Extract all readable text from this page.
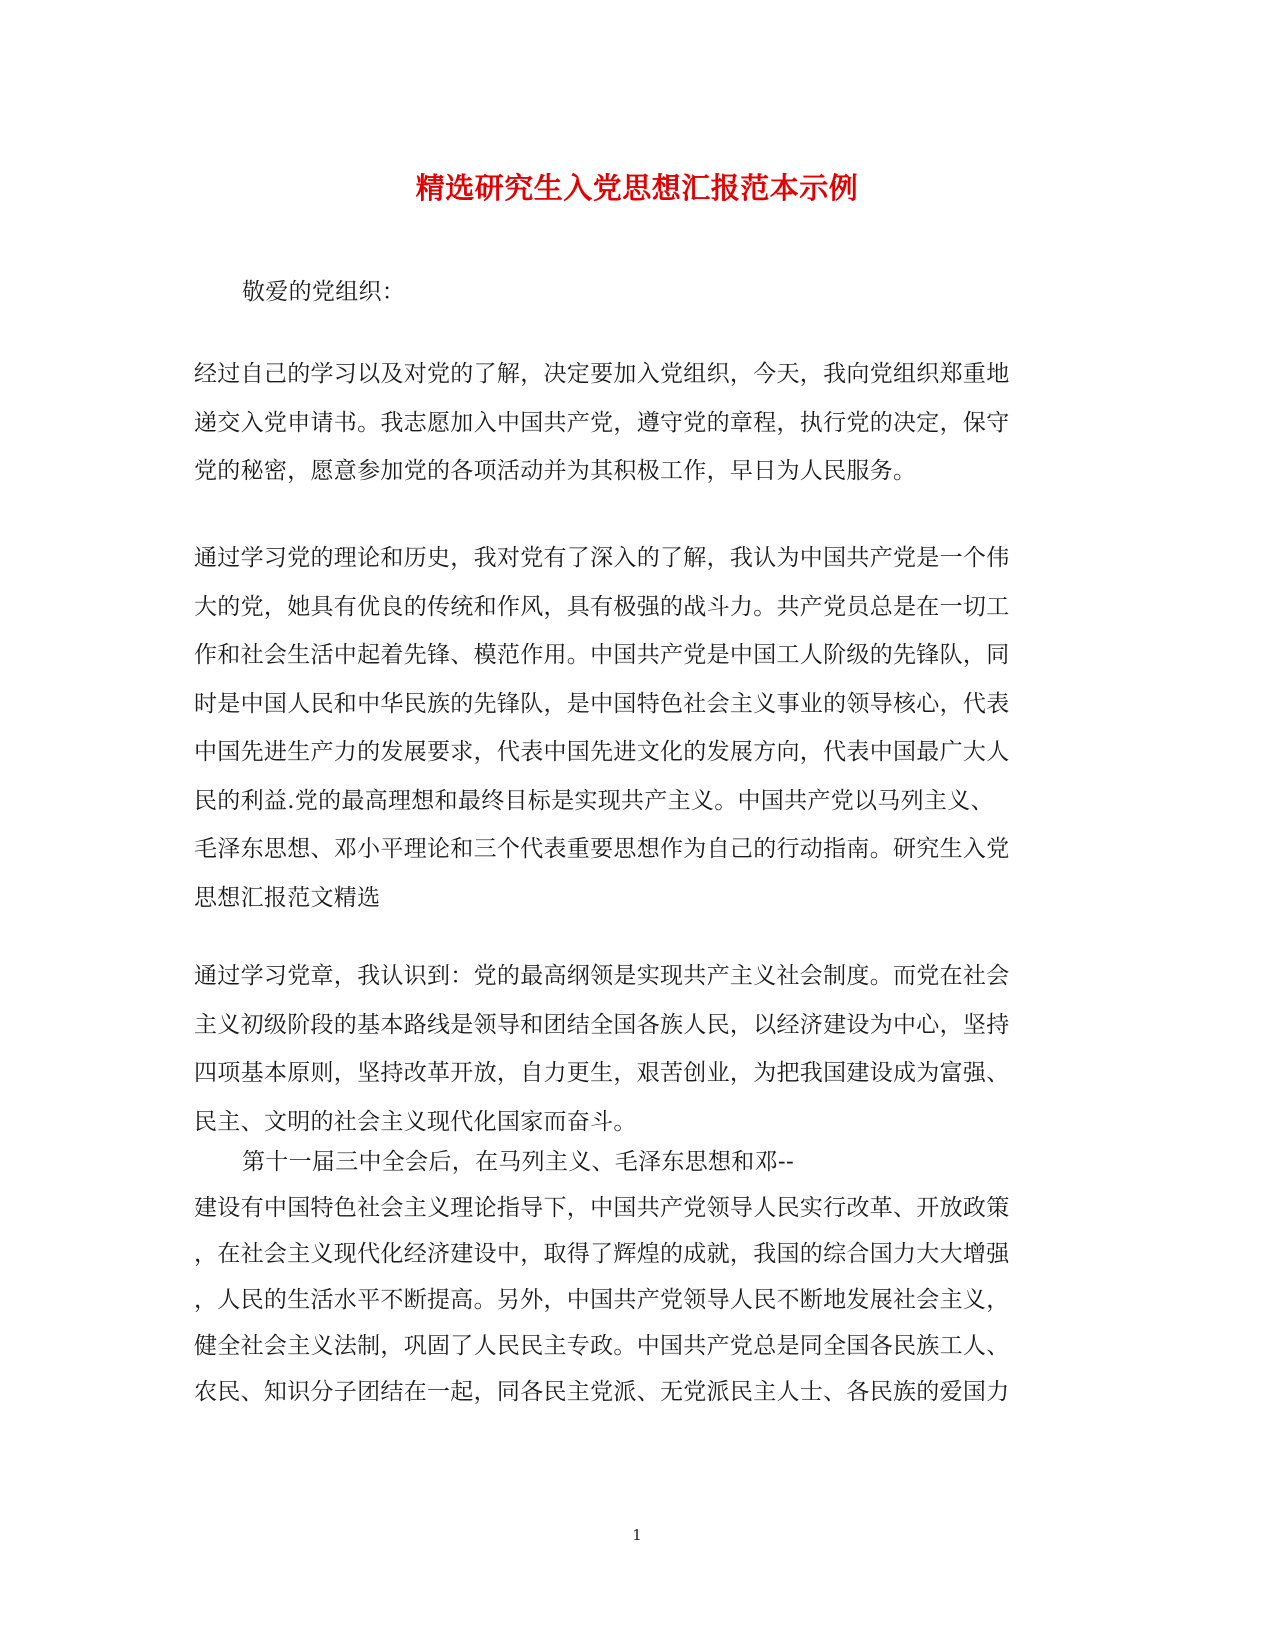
精选研究生入党思想汇报范本示例
敬爱的党组织：
经过自己的学习以及对党的了解，决定要加入党组织，今天，我向党组织郑重地
递交入党申请书。我志愿加入中国共产党，遵守党的章程，执行党的决定，保守
党的秘密，愿意参加党的各项活动并为其积极工作，早日为人民服务。
通过学习党的理论和历史，我对党有了深入的了解，我认为中国共产党是一个伟
大的党，她具有优良的传统和作风，具有极强的战斗力。共产党员总是在一切工
作和社会生活中起着先锋、模范作用。中国共产党是中国工人阶级的先锋队，同
时是中国人民和中华民族的先锋队，是中国特色社会主义事业的领导核心，代表
中国先进生产力的发展要求，代表中国先进文化的发展方向，代表中国最广大人
民的利益.党的最高理想和最终目标是实现共产主义。中国共产党以马列主义、
毛泽东思想、邓小平理论和三个代表重要思想作为自己的行动指南。研究生入党
思想汇报范文精选
通过学习党章，我认识到：党的最高纲领是实现共产主义社会制度。而党在社会
主义初级阶段的基本路线是领导和团结全国各族人民，以经济建设为中心，坚持
四项基本原则，坚持改革开放，自力更生，艰苦创业，为把我国建设成为富强、
民主、文明的社会主义现代化国家而奋斗。
第十一届三中全会后，在马列主义、毛泽东思想和邓--
建设有中国特色社会主义理论指导下，中国共产党领导人民实行改革、开放政策
，在社会主义现代化经济建设中，取得了辉煌的成就，我国的综合国力大大增强
，人民的生活水平不断提高。另外，中国共产党领导人民不断地发展社会主义，
健全社会主义法制，巩固了人民民主专政。中国共产党总是同全国各民族工人、
农民、知识分子团结在一起，同各民主党派、无党派民主人士、各民族的爱国力
1
